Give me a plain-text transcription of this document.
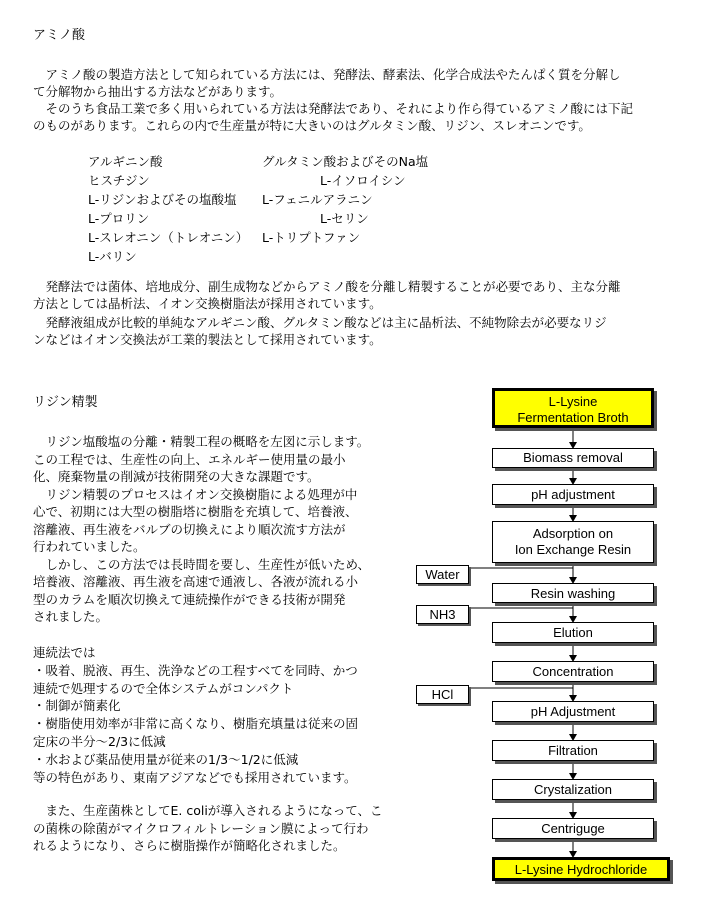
アミノ酸
　アミノ酸の製造方法として知られている方法には、発酵法、酵素法、化学合成法やたんぱく質を分解し
て分解物から抽出する方法などがあります。
　そのうち食品工業で多く用いられている方法は発酵法であり、それにより作ら得ているアミノ酸には下記
のものがあります。これらの内で生産量が特に大きいのはグルタミン酸、リジン、スレオニンです。
アルギニン酸
ヒスチジン
L-リジンおよびその塩酸塩
L-プロリン
L-スレオニン（トレオニン）
L-バリン
グルタミン酸およびそのNa塩
L-イソロイシン
L-フェニルアラニン
L-セリン
L-トリプトファン
　発酵法では菌体、培地成分、副生成物などからアミノ酸を分離し精製することが必要であり、主な分離
方法としては晶析法、イオン交換樹脂法が採用されています。
　発酵液組成が比較的単純なアルギニン酸、グルタミン酸などは主に晶析法、不純物除去が必要なリジ
ンなどはイオン交換法が工業的製法として採用されています。
リジン精製
　リジン塩酸塩の分離・精製工程の概略を左図に示します。
この工程では、生産性の向上、エネルギー使用量の最小
化、廃棄物量の削減が技術開発の大きな課題です。
　リジン精製のプロセスはイオン交換樹脂による処理が中
心で、初期には大型の樹脂塔に樹脂を充填して、培養液、
溶離液、再生液をバルブの切換えにより順次流す方法が
行われていました。
　しかし、この方法では長時間を要し、生産性が低いため、
培養液、溶離液、再生液を高速で通液し、各液が流れる小
型のカラムを順次切換えて連続操作ができる技術が開発
されました。
連続法では
・吸着、脱液、再生、洗浄などの工程すべてを同時、かつ
連続で処理するので全体システムがコンパクト
・制御が簡素化
・樹脂使用効率が非常に高くなり、樹脂充填量は従来の固
定床の半分～2/3に低減
・水および薬品使用量が従来の1/3～1/2に低減
等の特色があり、東南アジアなどでも採用されています。
　また、生産菌株としてE. coliが導入されるようになって、こ
の菌株の除菌がマイクロフィルトレーション膜によって行わ
れるようになり、さらに樹脂操作が簡略化されました。
L-Lysine
Fermentation Broth
Biomass removal
pH adjustment
Adsorption on
Ion Exchange Resin
Resin washing
Elution
Concentration
pH Adjustment
Filtration
Crystalization
Centriguge
L-Lysine Hydrochloride
Water
NH3
HCl
